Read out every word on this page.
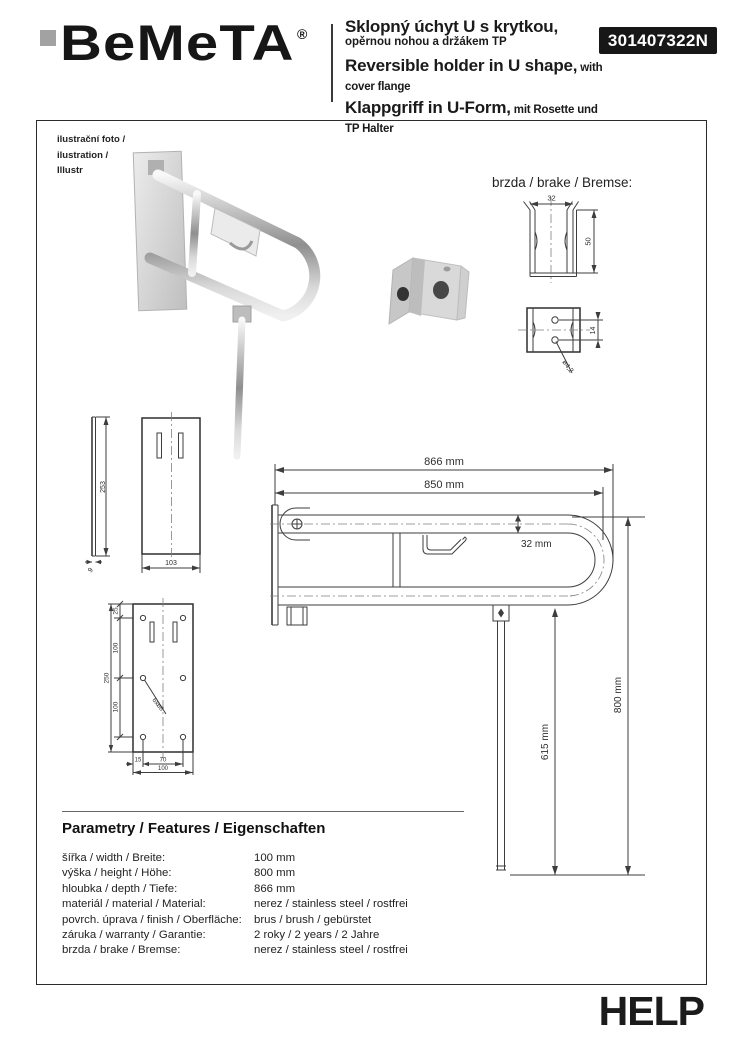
BeMeTA ® Sklopný úchyt U s krytkou,
opěrnou nohou a držákem TP
Reversible holder in U shape, with cover flange
Klappgriff in U-Form, mit Rosette und TP Halter
301407322N
ilustrační foto /
ilustration /
Illustr
brzda / brake / Bremse:
32
50
14
ø4,2
253
9
103
25
100
100
250
15	70
100
6xø6
866 mm
850 mm
32 mm
615 mm
800 mm
Parametry / Features / Eigenschaften
šířka / width / Breite:	100 mm
výška / height / Höhe:	800 mm
hloubka / depth / Tiefe:	866 mm
materiál / material / Material:	nerez / stainless steel / rostfrei
povrch. úprava / finish / Oberfläche:	brus / brush / gebürstet
záruka / warranty / Garantie:	2 roky / 2 years / 2 Jahre
brzda / brake / Bremse:	nerez / stainless steel / rostfrei
HELP
